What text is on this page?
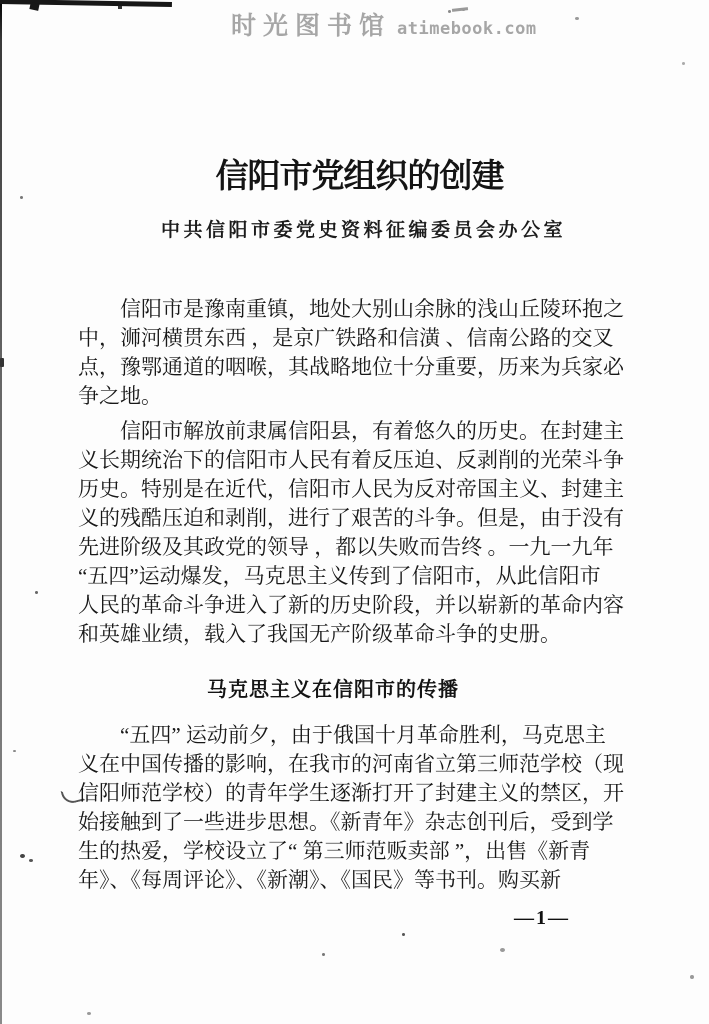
时光图书馆 atimebook.com
信阳市党组织的创建
中共信阳市委党史资料征编委员会办公室
信阳市是豫南重镇，地处大别山余脉的浅山丘陵环抱之
中，浉河横贯东西 ，是京广铁路和信潢 、信南公路的交叉
点，豫鄂通道的咽喉，其战略地位十分重要，历来为兵家必
争之地。
信阳市解放前隶属信阳县，有着悠久的历史。在封建主
义长期统治下的信阳市人民有着反压迫、反剥削的光荣斗争
历史。特别是在近代，信阳市人民为反对帝国主义、封建主
义的残酷压迫和剥削，进行了艰苦的斗争。但是，由于没有
先进阶级及其政党的领导 ，都以失败而告终 。一九一九年
“五四”运动爆发，马克思主义传到了信阳市，从此信阳市
人民的革命斗争进入了新的历史阶段，并以崭新的革命内容
和英雄业绩，载入了我国无产阶级革命斗争的史册。
马克思主义在信阳市的传播
“五四” 运动前夕，由于俄国十月革命胜利，马克思主
义在中国传播的影响，在我市的河南省立第三师范学校（现
信阳师范学校）的青年学生逐渐打开了封建主义的禁区，开
始接触到了一些进步思想。《新青年》杂志创刊后，受到学
生的热爱，学校设立了“ 第三师范贩卖部 ”，出售《新青
年》、《每周评论》、《新潮》、《国民》等书刊。购买新
—1—
